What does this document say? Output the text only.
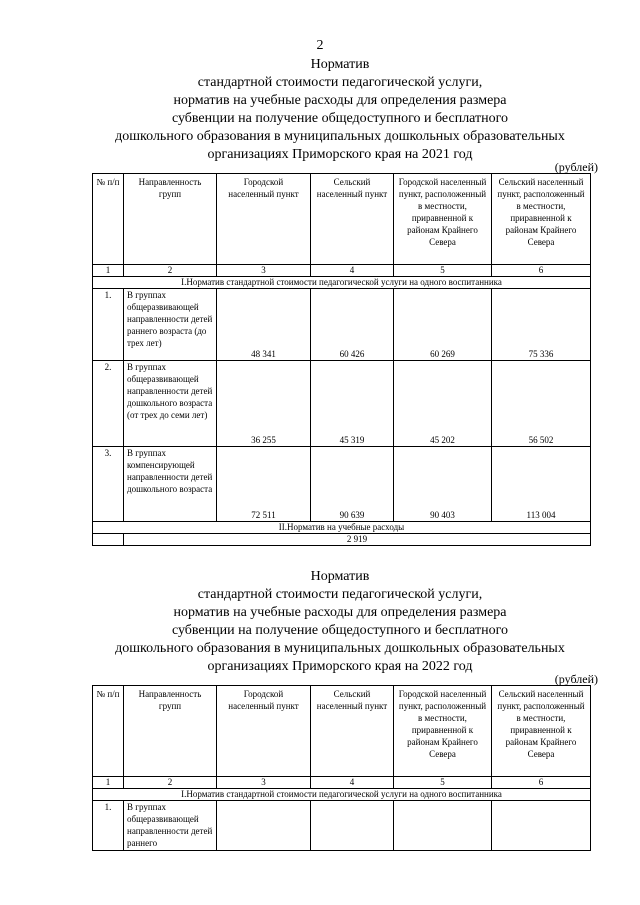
2
Норматив
стандартной стоимости педагогической услуги,
норматив на учебные расходы для определения размера
субвенции на получение общедоступного и бесплатного
дошкольного образования в муниципальных дошкольных образовательных
организациях Приморского края на 2021 год
(рублей)
№ п/п	Направленность групп	Городской населенный пункт	Сельский населенный пункт	Городской населенный пункт, расположенный в местности, приравненной к районам Крайнего Севера	Сельский населенный пункт, расположенный в местности, приравненной к районам Крайнего Севера
1	2	3	4	5	6
I.Норматив стандартной стоимости педагогической услуги на одного воспитанника					
1.	В группах общеразвивающей направленности детей раннего возраста (до трех лет)	48 341	60 426	60 269	75 336
2.	В группах общеразвивающей направленности детей дошкольного возраста (от трех до семи лет)	36 255	45 319	45 202	56 502
3.	В группах компенсирующей направленности детей дошкольного возраста	72 511	90 639	90 403	113 004
II.Норматив на учебные расходы					
	2 919				
Норматив
стандартной стоимости педагогической услуги,
норматив на учебные расходы для определения размера
субвенции на получение общедоступного и бесплатного
дошкольного образования в муниципальных дошкольных образовательных
организациях Приморского края на 2022 год
(рублей)
№ п/п	Направленность групп	Городской населенный пункт	Сельский населенный пункт	Городской населенный пункт, расположенный в местности, приравненной к районам Крайнего Севера	Сельский населенный пункт, расположенный в местности, приравненной к районам Крайнего Севера
1	2	3	4	5	6
I.Норматив стандартной стоимости педагогической услуги на одного воспитанника					
1.	В группах общеразвивающей направленности детей раннего				
